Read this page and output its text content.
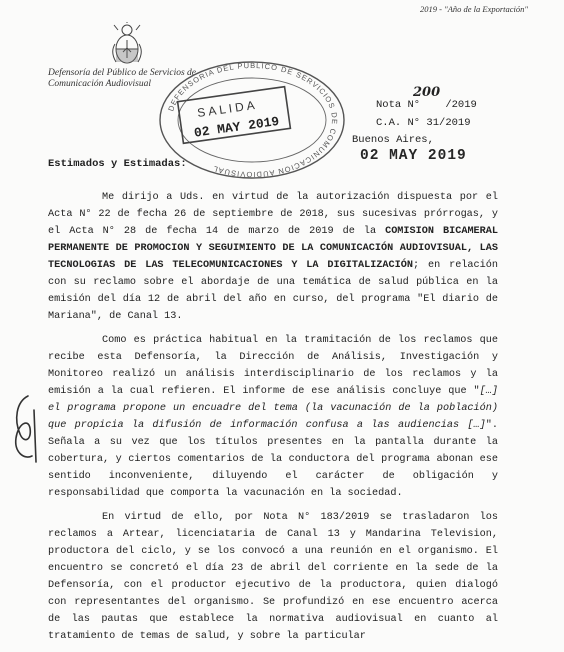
2019 - "Año de la Exportación"
Defensoría del Público de Servicios de
Comunicación Audiovisual
DEFENSORIA DEL PUBLICO DE SERVICIOS DE COMUNICACION AUDIOVISUAL
SALIDA
02 MAY 2019
200
Nota N° /2019
C.A. N° 31/2019
Buenos Aires,
02 MAY 2019
Estimados y Estimadas:

Me dirijo a Uds. en virtud de la autorización dispuesta por el Acta N° 22 de fecha 26 de septiembre de 2018, sus sucesivas prórrogas, y el Acta N° 28 de fecha 14 de marzo de 2019 de la COMISION BICAMERAL PERMANENTE DE PROMOCION Y SEGUIMIENTO DE LA COMUNICACIÓN AUDIOVISUAL, LAS TECNOLOGIAS DE LAS TELECOMUNICACIONES Y LA DIGITALIZACIÓN; en relación con su reclamo sobre el abordaje de una temática de salud pública en la emisión del día 12 de abril del año en curso, del programa "El diario de Mariana", de Canal 13.

Como es práctica habitual en la tramitación de los reclamos que recibe esta Defensoría, la Dirección de Análisis, Investigación y Monitoreo realizó un análisis interdisciplinario de los reclamos y la emisión a la cual refieren. El informe de ese análisis concluye que "[…] el programa propone un encuadre del tema (la vacunación de la población) que propicia la difusión de información confusa a las audiencias […]". Señala a su vez que los títulos presentes en la pantalla durante la cobertura, y ciertos comentarios de la conductora del programa abonan ese sentido inconveniente, diluyendo el carácter de obligación y responsabilidad que comporta la vacunación en la sociedad.

En virtud de ello, por Nota N° 183/2019 se trasladaron los reclamos a Artear, licenciataria de Canal 13 y Mandarina Television, productora del ciclo, y se los convocó a una reunión en el organismo. El encuentro se concretó el día 23 de abril del corriente en la sede de la Defensoría, con el productor ejecutivo de la productora, quien dialogó con representantes del organismo. Se profundizó en ese encuentro acerca de las pautas que establece la normativa audiovisual en cuanto al tratamiento de temas de salud, y sobre la particular
